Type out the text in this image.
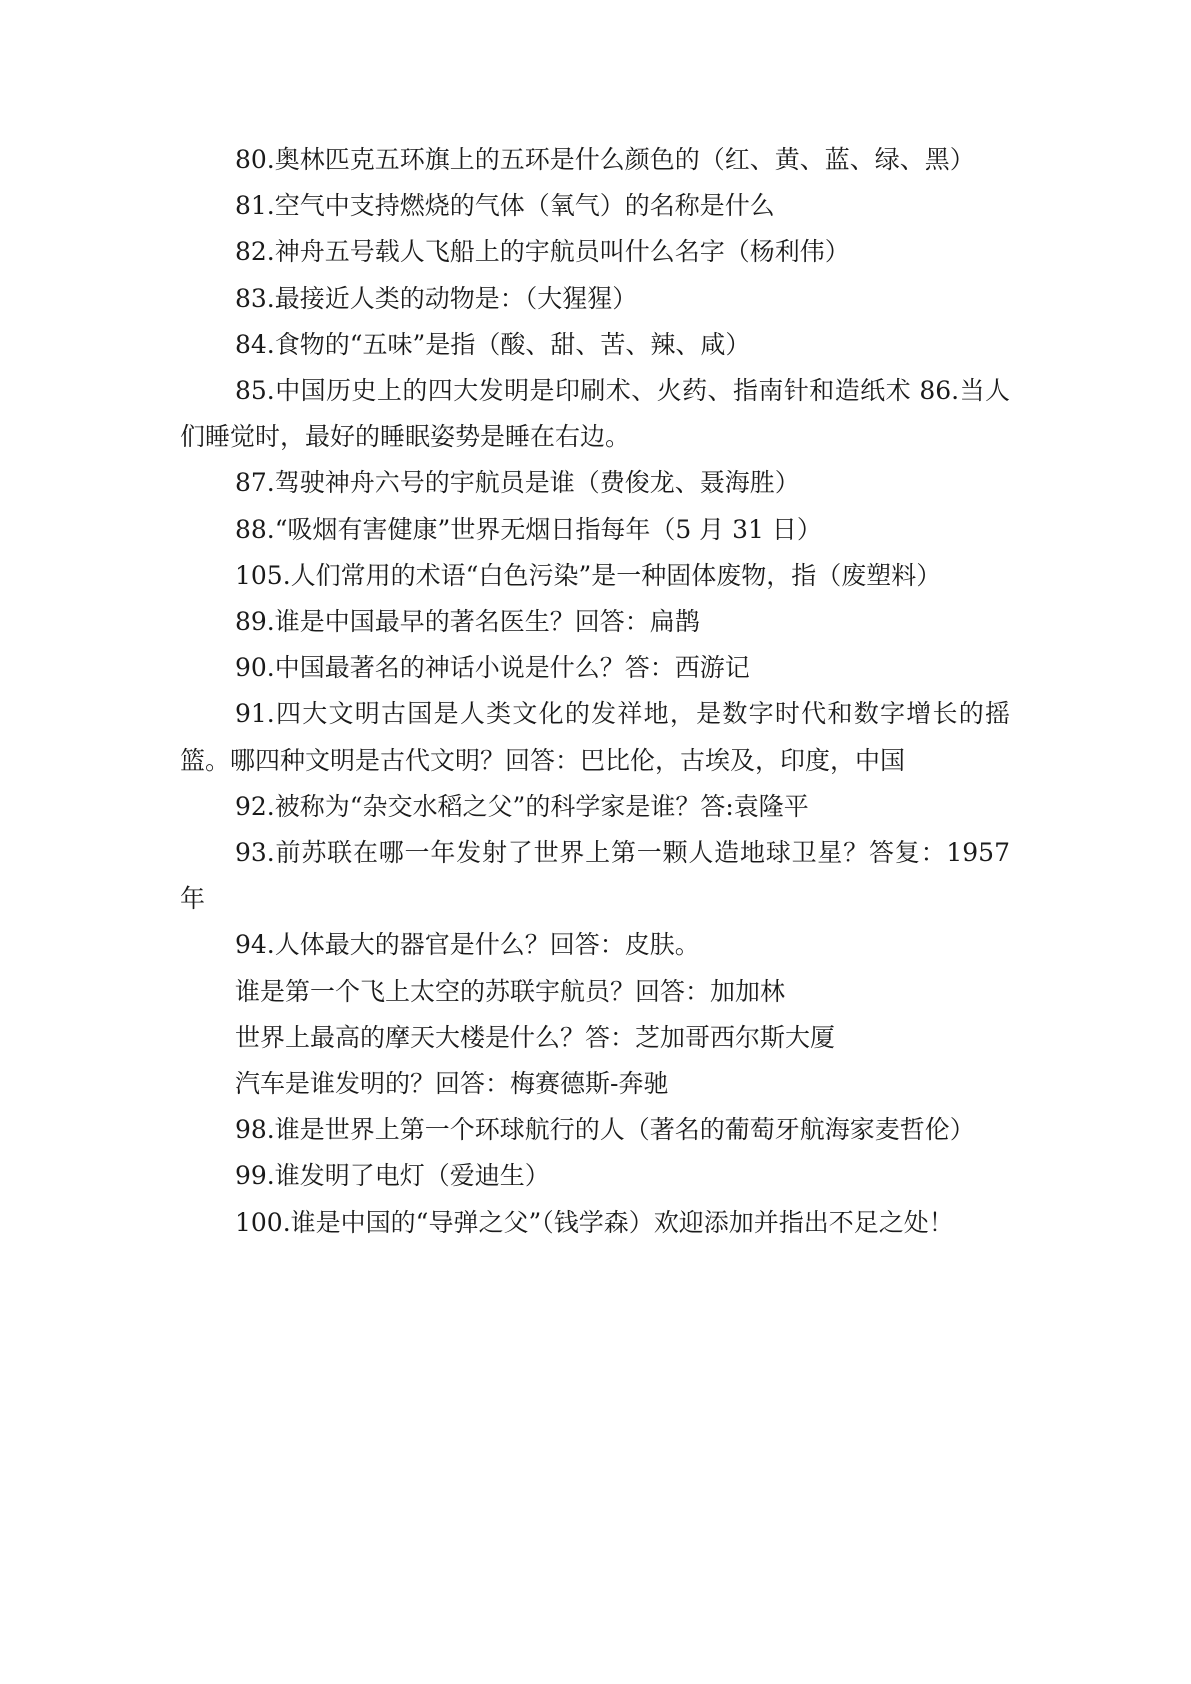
80.奥林匹克五环旗上的五环是什么颜色的（红、黄、蓝、绿、黑）

81.空气中支持燃烧的气体（氧气）的名称是什么

82.神舟五号载人飞船上的宇航员叫什么名字（杨利伟）

83.最接近人类的动物是：（大猩猩）

84.食物的“五味”是指（酸、甜、苦、辣、咸）

85.中国历史上的四大发明是印刷术、火药、指南针和造纸术 86.当人们睡觉时，最好的睡眠姿势是睡在右边。

87.驾驶神舟六号的宇航员是谁（费俊龙、聂海胜）

88.“吸烟有害健康”世界无烟日指每年（5 月 31 日）

105.人们常用的术语“白色污染”是一种固体废物，指（废塑料）

89.谁是中国最早的著名医生？回答：扁鹊

90.中国最著名的神话小说是什么？答：西游记

91.四大文明古国是人类文化的发祥地，是数字时代和数字增长的摇篮。哪四种文明是古代文明？回答：巴比伦，古埃及，印度，中国

92.被称为“杂交水稻之父”的科学家是谁？答:袁隆平

93.前苏联在哪一年发射了世界上第一颗人造地球卫星？答复：1957 年

94.人体最大的器官是什么？回答：皮肤。

谁是第一个飞上太空的苏联宇航员？回答：加加林

世界上最高的摩天大楼是什么？答：芝加哥西尔斯大厦

汽车是谁发明的？回答：梅赛德斯-奔驰

98.谁是世界上第一个环球航行的人（著名的葡萄牙航海家麦哲伦）

99.谁发明了电灯（爱迪生）

100.谁是中国的“导弹之父”（钱学森）欢迎添加并指出不足之处！
